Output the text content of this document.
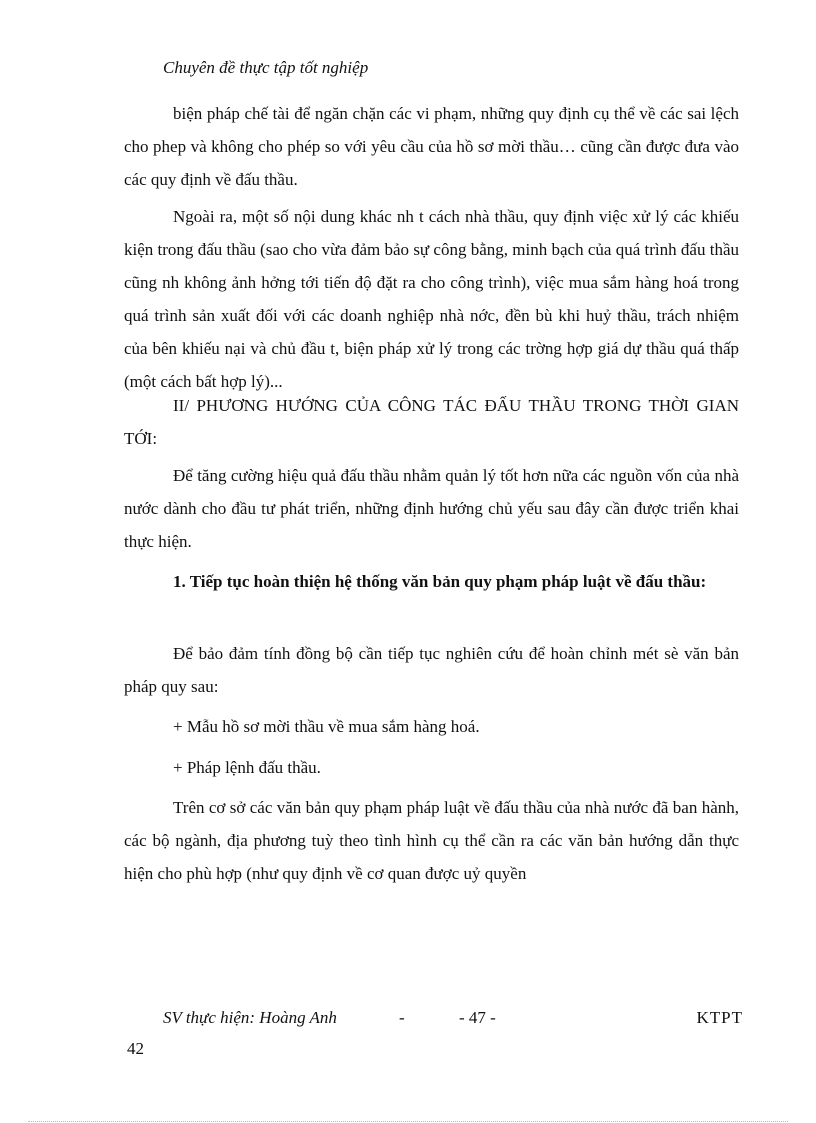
Chuyên đề thực tập tốt nghiệp

biện pháp chế tài để ngăn chặn các vi phạm, những quy định cụ thể về các sai lệch cho phep và không cho phép so với yêu cầu của hồ sơ mời thầu… cũng cần được đưa vào các quy định về đấu thầu.

Ngoài ra, một số nội dung khác nh t cách nhà thầu, quy định việc xử lý các khiếu kiện trong đấu thầu (sao cho vừa đảm bảo sự công bằng, minh bạch của quá trình đấu thầu cũng nh không ảnh hởng tới tiến độ đặt ra cho công trình), việc mua sắm hàng hoá trong quá trình sản xuất đối với các doanh nghiệp nhà nớc, đền bù khi huỷ thầu, trách nhiệm của bên khiếu nại và chủ đầu t, biện pháp xử lý trong các trờng hợp giá dự thầu quá thấp (một cách bất hợp lý)...

II/ PHƯƠNG HƯỚNG CỦA CÔNG TÁC ĐẤU THẦU TRONG THỜI GIAN TỚI:

Để tăng cường hiệu quả đấu thầu nhằm quản lý tốt hơn nữa các nguồn vốn của nhà nước dành cho đầu tư phát triển, những định hướng chủ yếu sau đây cần được triển khai thực hiện.

1. Tiếp tục hoàn thiện hệ thống văn bản quy phạm pháp luật về đấu thầu:

Để bảo đảm tính đồng bộ cần tiếp tục nghiên cứu để hoàn chỉnh mét sè văn bản pháp quy sau:

+ Mẫu hồ sơ mời thầu về mua sắm hàng hoá.

+ Pháp lệnh đấu thầu.

Trên cơ sở các văn bản quy phạm pháp luật về đấu thầu của nhà nước đã ban hành, các bộ ngành, địa phương tuỳ theo tình hình cụ thể cần ra các văn bản hướng dẫn thực hiện cho phù hợp (như quy định về cơ quan được uỷ quyền

SV thực hiện: Hoàng Anh	-	- 47 -	KTPT
42
